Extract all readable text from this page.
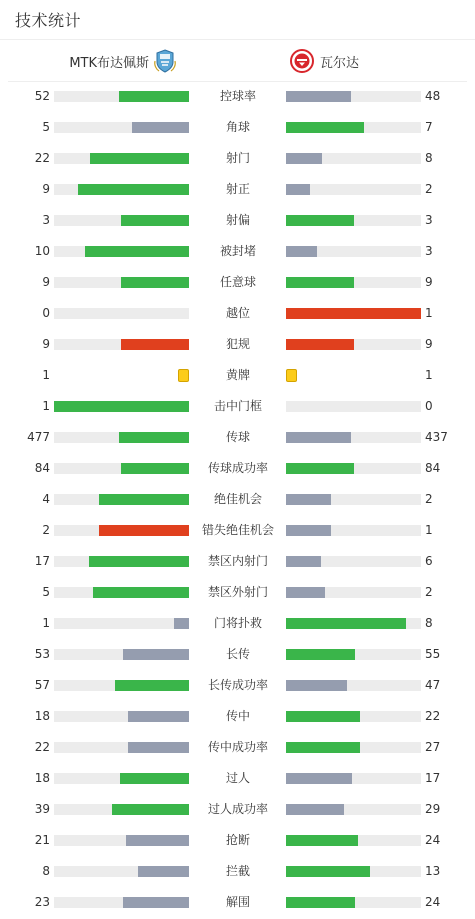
技术统计
MTK布达佩斯	瓦尔达
52	控球率	48
5	角球	7
22	射门	8
9	射正	2
3	射偏	3
10	被封堵	3
9	任意球	9
0	越位	1
9	犯规	9
1	黄牌	1
1	击中门框	0
477	传球	437
84	传球成功率	84
4	绝佳机会	2
2	错失绝佳机会	1
17	禁区内射门	6
5	禁区外射门	2
1	门将扑救	8
53	长传	55
57	长传成功率	47
18	传中	22
22	传中成功率	27
18	过人	17
39	过人成功率	29
21	抢断	24
8	拦截	13
23	解围	24
